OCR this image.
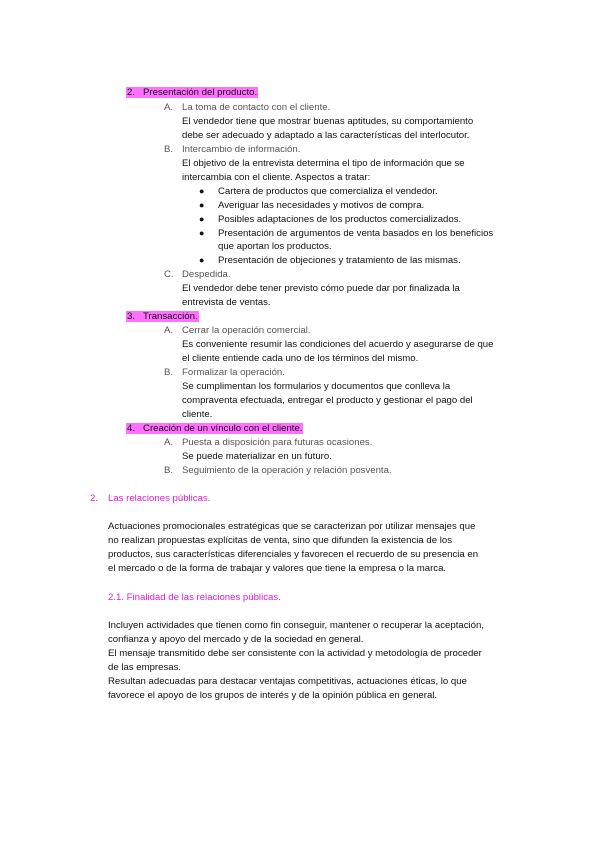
2. Presentación del producto.
A. La toma de contacto con el cliente.
El vendedor tiene que mostrar buenas aptitudes, su comportamiento
debe ser adecuado y adaptado a las características del interlocutor.
B. Intercambio de información.
El objetivo de la entrevista determina el tipo de información que se
intercambia con el cliente. Aspectos a tratar:
● Cartera de productos que comercializa el vendedor.
● Averiguar las necesidades y motivos de compra.
● Posibles adaptaciones de los productos comercializados.
● Presentación de argumentos de venta basados en los beneficios
que aportan los productos.
● Presentación de objeciones y tratamiento de las mismas.
C. Despedida.
El vendedor debe tener previsto cómo puede dar por finalizada la
entrevista de ventas.
3. Transacción.
A. Cerrar la operación comercial.
Es conveniente resumir las condiciones del acuerdo y asegurarse de que
el cliente entiende cada uno de los términos del mismo.
B. Formalizar la operación.
Se cumplimentan los formularios y documentos que conlleva la
compraventa efectuada, entregar el producto y gestionar el pago del
cliente.
4. Creación de un vínculo con el cliente.
A. Puesta a disposición para futuras ocasiones.
Se puede materializar en un futuro.
B. Seguimiento de la operación y relación posventa.
2. Las relaciones públicas.
Actuaciones promocionales estratégicas que se caracterizan por utilizar mensajes que
no realizan propuestas explícitas de venta, sino que difunden la existencia de los
productos, sus características diferenciales y favorecen el recuerdo de su presencia en
el mercado o de la forma de trabajar y valores que tiene la empresa o la marca.
2.1. Finalidad de las relaciones públicas.
Incluyen actividades que tienen como fin conseguir, mantener o recuperar la aceptación,
confianza y apoyo del mercado y de la sociedad en general.
El mensaje transmitido debe ser consistente con la actividad y metodología de proceder
de las empresas.
Resultan adecuadas para destacar ventajas competitivas, actuaciones éticas, lo que
favorece el apoyo de los grupos de interés y de la opinión pública en general.
